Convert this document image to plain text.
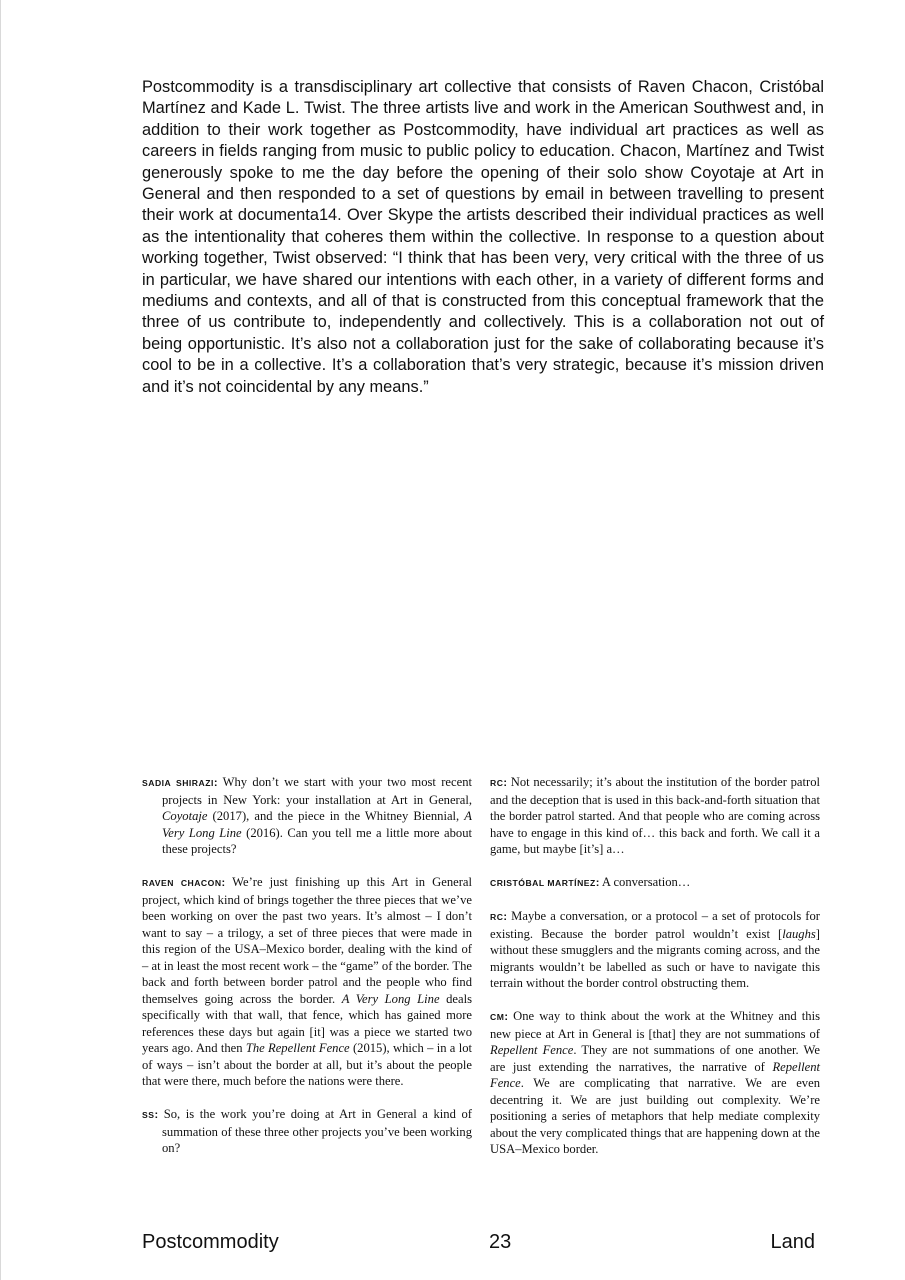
Postcommodity is a transdisciplinary art collective that consists of Raven Chacon, Cristóbal Martínez and Kade L. Twist. The three artists live and work in the American Southwest and, in addition to their work together as Postcommodity, have individual art practices as well as careers in fields ranging from music to public policy to education. Chacon, Martínez and Twist generously spoke to me the day before the opening of their solo show Coyotaje at Art in General and then responded to a set of questions by email in between travelling to present their work at documenta14. Over Skype the artists described their individual practices as well as the intentionality that coheres them within the collective. In response to a question about working together, Twist observed: “I think that has been very, very critical with the three of us in particular, we have shared our intentions with each other, in a variety of different forms and mediums and contexts, and all of that is constructed from this conceptual framework that the three of us contribute to, independently and collectively. This is a collaboration not out of being opportunistic. It’s also not a collaboration just for the sake of collaborating because it’s cool to be in a collective. It’s a collaboration that’s very strategic, because it’s mission driven and it’s not coincidental by any means.”

SADIA SHIRAZI: Why don’t we start with your two most recent projects in New York: your installation at Art in General, Coyotaje (2017), and the piece in the Whitney Biennial, A Very Long Line (2016). Can you tell me a little more about these projects?

RAVEN CHACON: We’re just finishing up this Art in General project, which kind of brings together the three pieces that we’ve been working on over the past two years. It’s almost – I don’t want to say – a trilogy, a set of three pieces that were made in this region of the USA–Mexico border, dealing with the kind of – at in least the most recent work – the “game” of the border. The back and forth between border patrol and the people who find themselves going across the border. A Very Long Line deals specifically with that wall, that fence, which has gained more references these days but again [it] was a piece we started two years ago. And then The Repellent Fence (2015), which – in a lot of ways – isn’t about the border at all, but it’s about the people that were there, much before the nations were there.

SS: So, is the work you’re doing at Art in General a kind of summation of these three other projects you’ve been working on?

RC: Not necessarily; it’s about the institution of the border patrol and the deception that is used in this back-and-forth situation that the border patrol started. And that people who are coming across have to engage in this kind of… this back and forth. We call it a game, but maybe [it’s] a…

CRISTÓBAL MARTÍNEZ: A conversation…

RC: Maybe a conversation, or a protocol – a set of protocols for existing. Because the border patrol wouldn’t exist [laughs] without these smugglers and the migrants coming across, and the migrants wouldn’t be labelled as such or have to navigate this terrain without the border control obstructing them.

CM: One way to think about the work at the Whitney and this new piece at Art in General is [that] they are not summations of Repellent Fence. They are not summations of one another. We are just extending the narratives, the narrative of Repellent Fence. We are complicating that narrative. We are even decentring it. We are just building out complexity. We’re positioning a series of metaphors that help mediate complexity about the very complicated things that are happening down at the USA–Mexico border.

Postcommodity	23	Land
